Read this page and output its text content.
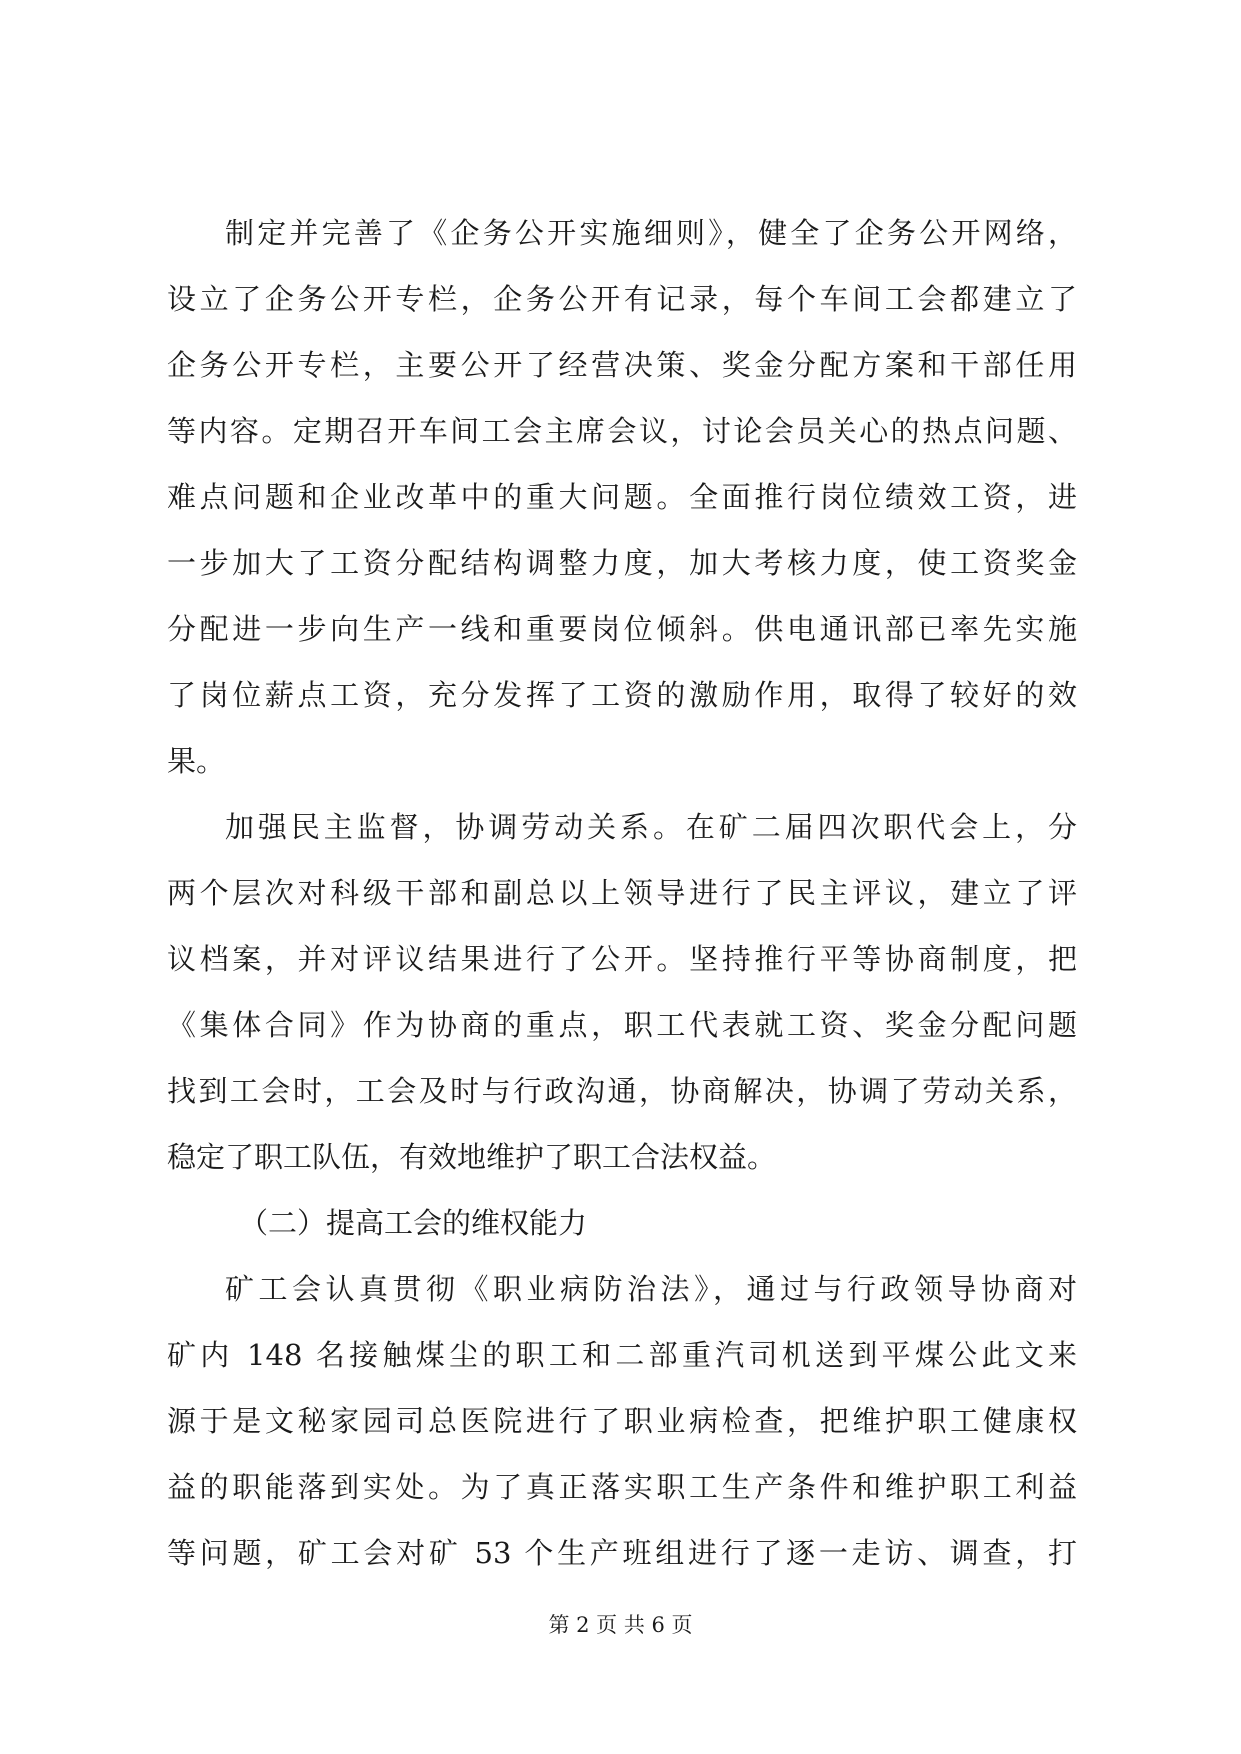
制定并完善了《企务公开实施细则》，健全了企务公开网络，
设立了企务公开专栏，企务公开有记录，每个车间工会都建立了
企务公开专栏，主要公开了经营决策、奖金分配方案和干部任用
等内容。定期召开车间工会主席会议，讨论会员关心的热点问题、
难点问题和企业改革中的重大问题。全面推行岗位绩效工资，进
一步加大了工资分配结构调整力度，加大考核力度，使工资奖金
分配进一步向生产一线和重要岗位倾斜。供电通讯部已率先实施
了岗位薪点工资，充分发挥了工资的激励作用，取得了较好的效
果。
加强民主监督，协调劳动关系。在矿二届四次职代会上，分
两个层次对科级干部和副总以上领导进行了民主评议，建立了评
议档案，并对评议结果进行了公开。坚持推行平等协商制度，把
《集体合同》作为协商的重点，职工代表就工资、奖金分配问题
找到工会时，工会及时与行政沟通，协商解决，协调了劳动关系，
稳定了职工队伍，有效地维护了职工合法权益。
（二）提高工会的维权能力
矿工会认真贯彻《职业病防治法》，通过与行政领导协商对
矿内 148 名接触煤尘的职工和二部重汽司机送到平煤公此文来
源于是文秘家园司总医院进行了职业病检查，把维护职工健康权
益的职能落到实处。为了真正落实职工生产条件和维护职工利益
等问题，矿工会对矿 53 个生产班组进行了逐一走访、调查，打
第 2 页 共 6 页
